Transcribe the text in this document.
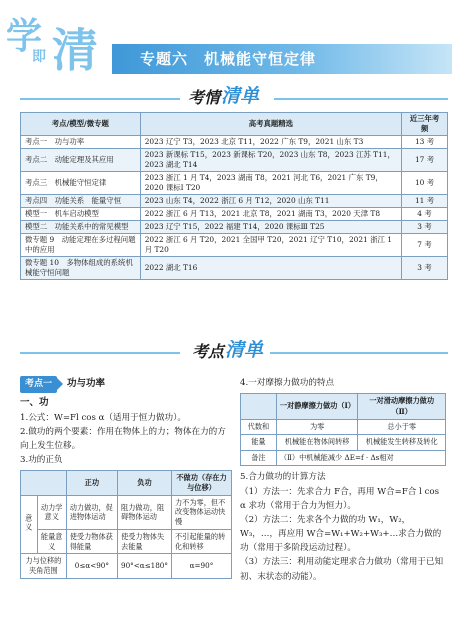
学
即 清	专题六　机械能守恒定律
考情 清单
考点/模型/微专题	高考真题精选	近三年考频
考点一　功与功率	2023 辽宁 T3，2023 北京 T11，2022 广东 T9，2021 山东 T3	13 考
考点二　动能定理及其应用	2023 新课标 T15，2023 新课标 T20，2023 山东 T8，2023 江苏 T11，2023 湖北 T14	17 考
考点三　机械能守恒定律	2023 浙江 1 月 T4，2023 湖南 T8，2021 河北 T6，2021 广东 T9，2020 课标Ⅰ T20	10 考
考点四　功能关系　能量守恒	2023 山东 T4，2022 浙江 6 月 T12，2020 山东 T11	11 考
模型一　机车启动模型	2022 浙江 6 月 T13，2021 北京 T8，2021 湖南 T3，2020 天津 T8	4 考
模型二　功能关系中的常见模型	2023 辽宁 T15，2022 福建 T14，2020 课标Ⅲ T25	3 考
微专题 9　动能定理在多过程问题中的应用	2022 浙江 6 月 T20，2021 全国甲 T20，2021 辽宁 T10，2021 浙江 1 月 T20	7 考
微专题 10　多物体组成的系统机械能守恒问题	2022 湖北 T16	3 考
考点 清单
考点一 功与功率
一、功
1.公式：W=Fl cos α（适用于恒力做功）。
2.做功的两个要素：作用在物体上的力；物体在力的方向上发生位移。
3.功的正负
		正功	负功	不做功（存在力与位移）
意义	动力学意义	动力做功，促进物体运动	阻力做功，阻碍物体运动	力不为零，但不改变物体运动快慢
	能量意义	使受力物体获得能量	使受力物体失去能量	不引起能量的转化和转移
力与位移的夹角范围		0≤α<90°	90°<α≤180°	α=90°
4.一对摩擦力做功的特点
	一对静摩擦力做功（Ⅰ）	一对滑动摩擦力做功（Ⅱ）
代数和	为零	总小于零
能量	机械能在物体间转移	机械能发生转移及转化
备注	（Ⅱ）中机械能减少 ΔE=f · Δs相对	
5.合力做功的计算方法
（1）方法一：先求合力 F合，再用 W合=F合 l cos α 求功（常用于合力为恒力）。
（2）方法二：先求各个力做的功 W₁，W₂，W₃，…，再应用 W合=W₁+W₂+W₃+…求合力做的功（常用于多阶段运动过程）。
（3）方法三：利用动能定理求合力做功（常用于已知初、末状态的动能）。
